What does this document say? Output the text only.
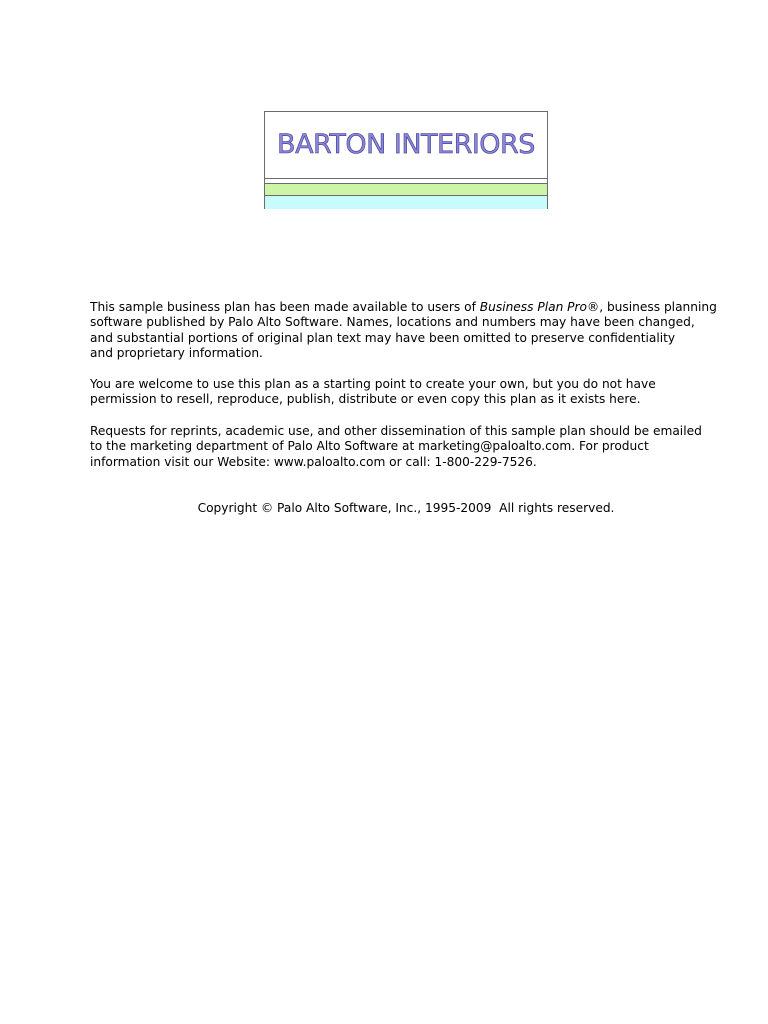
BARTON INTERIORS

This sample business plan has been made available to users of Business Plan Pro®, business planning
software published by Palo Alto Software. Names, locations and numbers may have been changed,
and substantial portions of original plan text may have been omitted to preserve confidentiality
and proprietary information.

You are welcome to use this plan as a starting point to create your own, but you do not have
permission to resell, reproduce, publish, distribute or even copy this plan as it exists here.

Requests for reprints, academic use, and other dissemination of this sample plan should be emailed
to the marketing department of Palo Alto Software at marketing@paloalto.com. For product
information visit our Website: www.paloalto.com or call: 1-800-229-7526.

Copyright © Palo Alto Software, Inc., 1995-2009  All rights reserved.
